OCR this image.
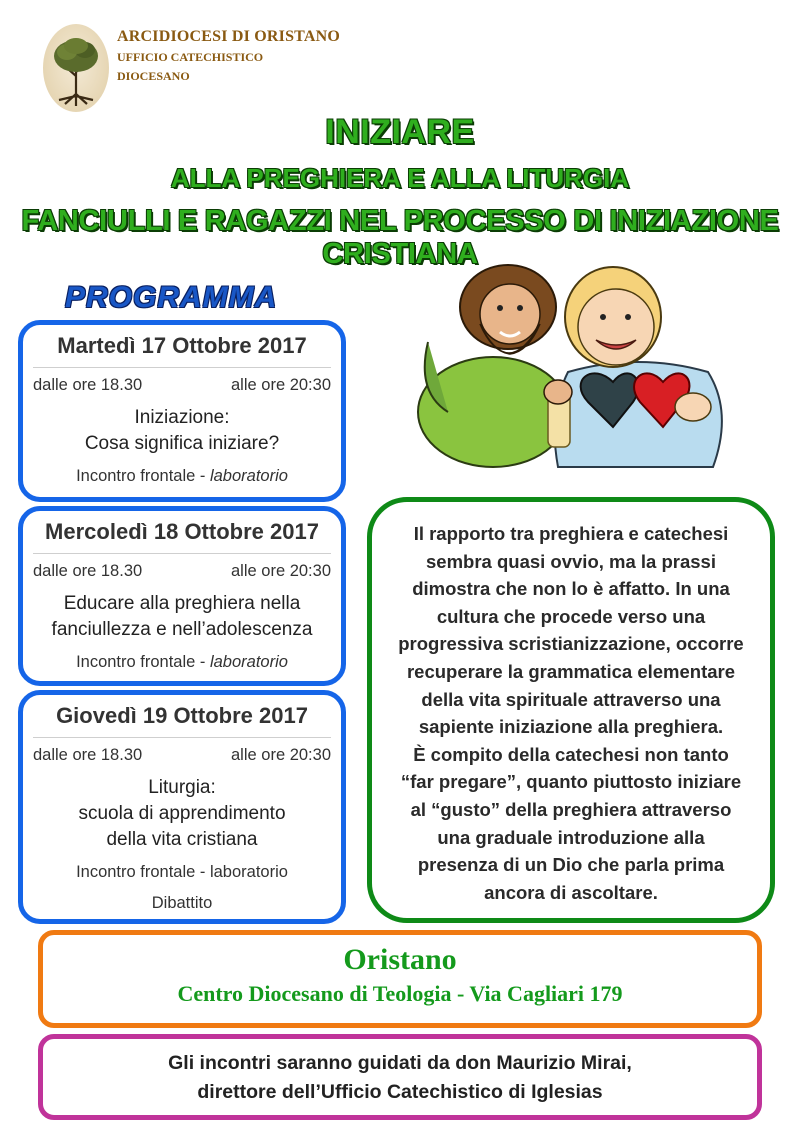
ARCIDIOCESI DI ORISTANO
UFFICIO CATECHISTICO
DIOCESANO
INIZIARE
ALLA PREGHIERA E ALLA LITURGIA
FANCIULLI E RAGAZZI NEL PROCESSO DI INIZIAZIONE CRISTIANA
PROGRAMMA
Martedì 17 Ottobre 2017
dalle ore 18.30	alle ore 20:30
Iniziazione:
Cosa significa iniziare?
Incontro frontale - laboratorio
Mercoledì 18 Ottobre 2017
dalle ore 18.30	alle ore 20:30
Educare alla preghiera nella
fanciullezza e nell’adolescenza
Incontro frontale - laboratorio
Giovedì 19 Ottobre 2017
dalle ore 18.30	alle ore 20:30
Liturgia:
scuola di apprendimento
della vita cristiana
Incontro frontale - laboratorio
Dibattito

Il rapporto tra preghiera e catechesi
sembra quasi ovvio, ma la prassi
dimostra che non lo è affatto. In una
cultura che procede verso una
progressiva scristianizzazione, occorre
recuperare la grammatica elementare
della vita spirituale attraverso una
sapiente iniziazione alla preghiera.
È compito della catechesi non tanto
“far pregare”, quanto piuttosto iniziare
al “gusto” della preghiera attraverso
una graduale introduzione alla
presenza di un Dio che parla prima
ancora di ascoltare.

Oristano
Centro Diocesano di Teologia - Via Cagliari 179
Gli incontri saranno guidati da don Maurizio Mirai,
direttore dell’Ufficio Catechistico di Iglesias
